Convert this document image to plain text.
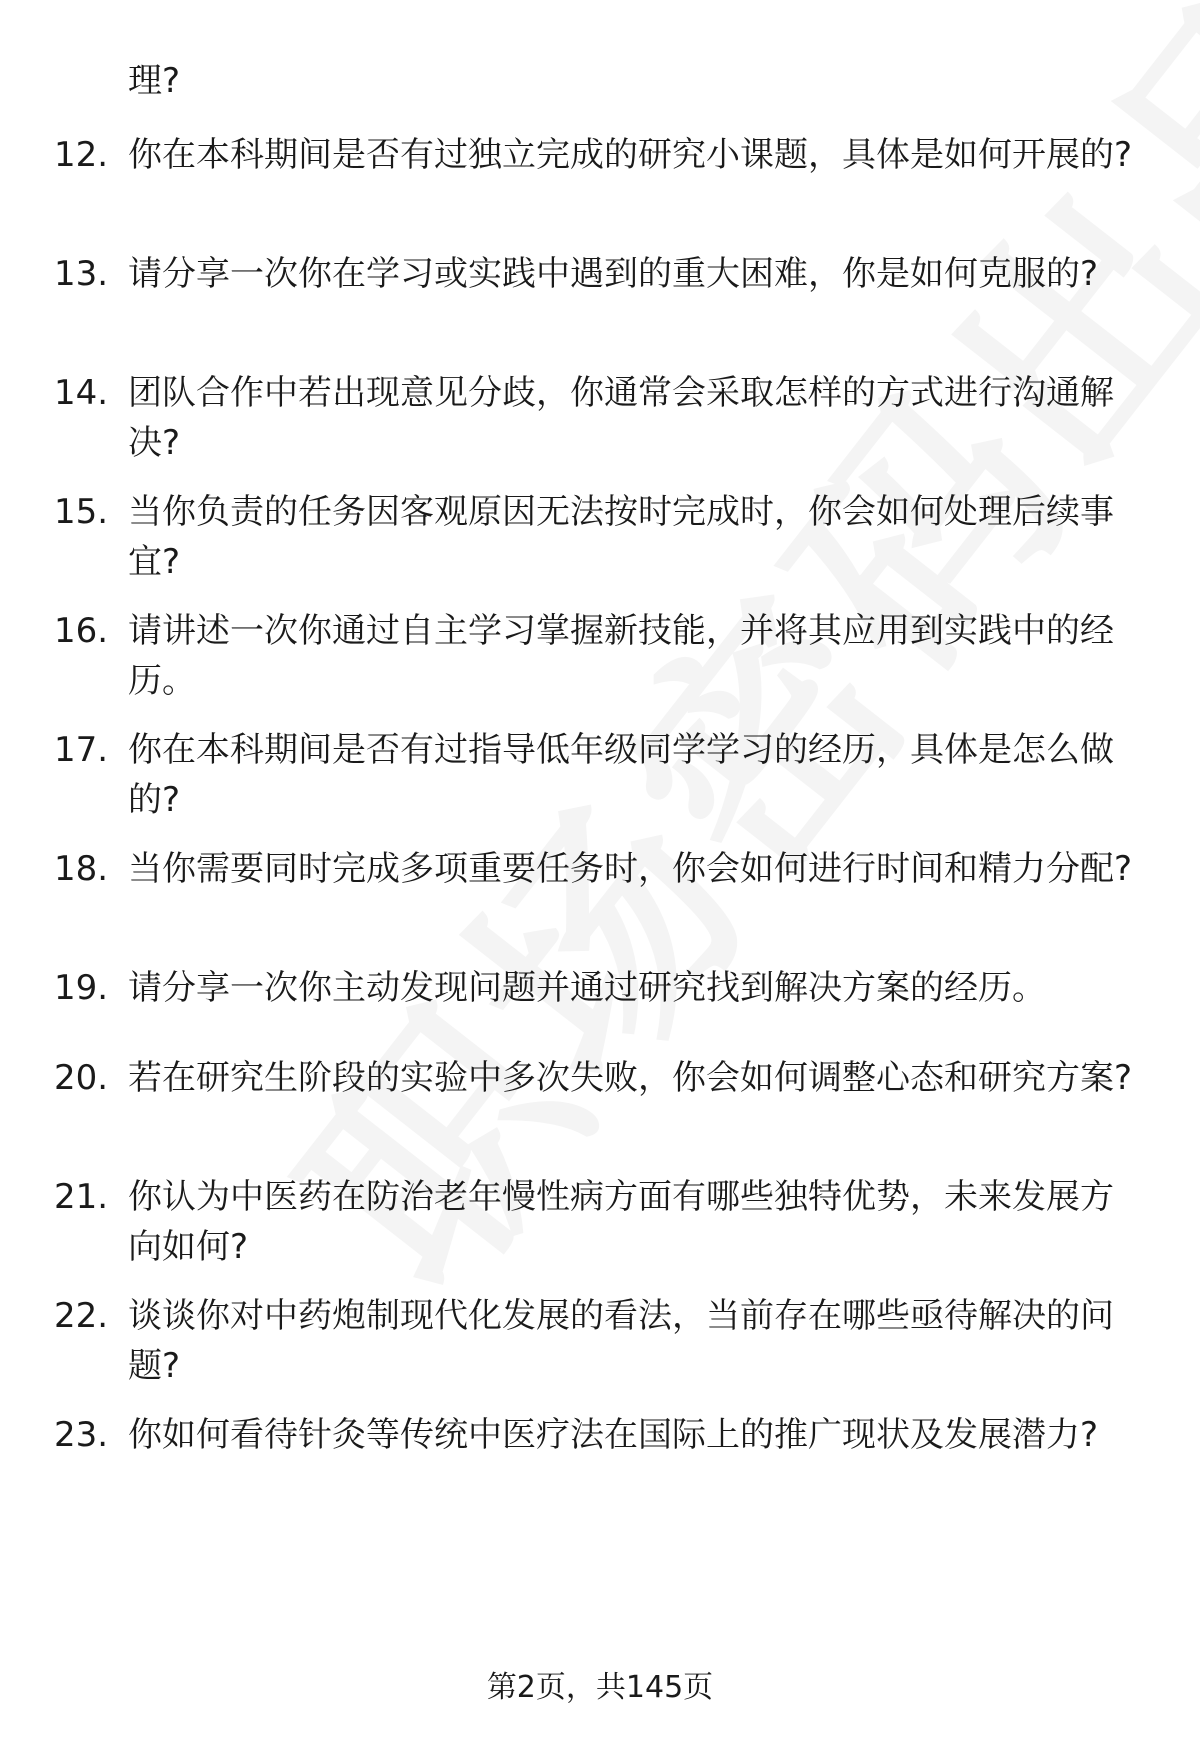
理?
12. 你在本科期间是否有过独立完成的研究小课题，具体是如何开展的?
13. 请分享一次你在学习或实践中遇到的重大困难，你是如何克服的?
14. 团队合作中若出现意见分歧，你通常会采取怎样的方式进行沟通解决?
15. 当你负责的任务因客观原因无法按时完成时，你会如何处理后续事宜?
16. 请讲述一次你通过自主学习掌握新技能，并将其应用到实践中的经历。
17. 你在本科期间是否有过指导低年级同学学习的经历，具体是怎么做的?
18. 当你需要同时完成多项重要任务时，你会如何进行时间和精力分配?
19. 请分享一次你主动发现问题并通过研究找到解决方案的经历。
20. 若在研究生阶段的实验中多次失败，你会如何调整心态和研究方案?
21. 你认为中医药在防治老年慢性病方面有哪些独特优势，未来发展方向如何?
22. 谈谈你对中药炮制现代化发展的看法，当前存在哪些亟待解决的问题?
23. 你如何看待针灸等传统中医疗法在国际上的推广现状及发展潜力?
第2页，共145页
